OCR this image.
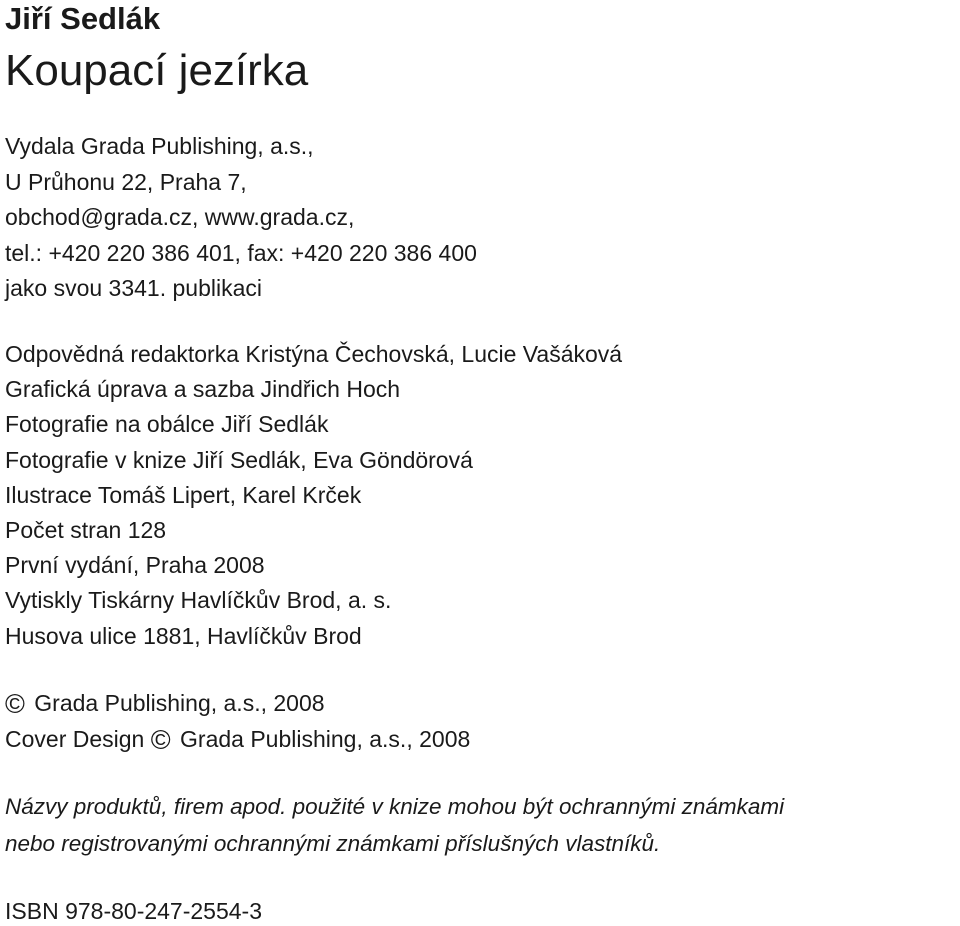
Jiří Sedlák
Koupací jezírka
Vydala Grada Publishing, a.s.,
U Průhonu 22, Praha 7,
obchod@grada.cz, www.grada.cz,
tel.: +420 220 386 401, fax: +420 220 386 400
jako svou 3341. publikaci
Odpovědná redaktorka Kristýna Čechovská, Lucie Vašáková
Grafická úprava a sazba Jindřich Hoch
Fotografie na obálce Jiří Sedlák
Fotografie v knize Jiří Sedlák, Eva Göndörová
Ilustrace Tomáš Lipert, Karel Krček
Počet stran 128
První vydání, Praha 2008
Vytiskly Tiskárny Havlíčkův Brod, a. s.
Husova ulice 1881, Havlíčkův Brod
© Grada Publishing, a.s., 2008
Cover Design © Grada Publishing, a.s., 2008
Názvy produktů, firem apod. použité v knize mohou být ochrannými známkami
nebo registrovanými ochrannými známkami příslušných vlastníků.
ISBN 978-80-247-2554-3
